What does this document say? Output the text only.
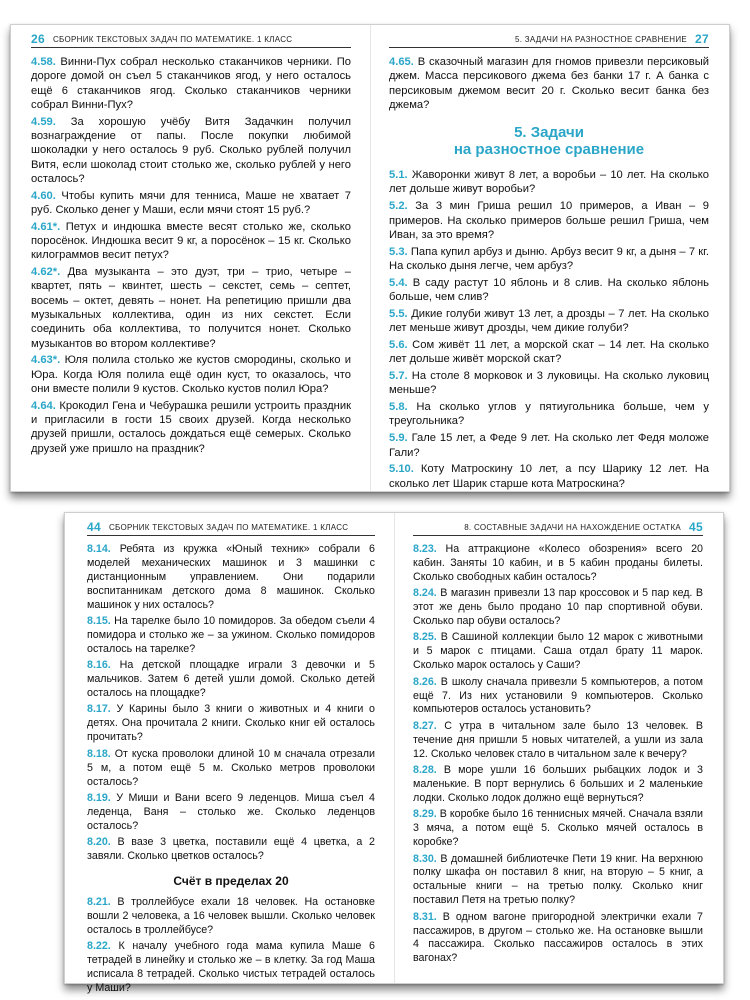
26 СБОРНИК ТЕКСТОВЫХ ЗАДАЧ ПО МАТЕМАТИКЕ. 1 КЛАСС

4.58. Винни-Пух собрал несколько стаканчиков черники. По дороге домой он съел 5 стаканчиков ягод, у него осталось ещё 6 стаканчиков ягод. Сколько стаканчиков черники собрал Винни-Пух?

4.59. За хорошую учёбу Витя Задачкин получил вознаграждение от папы. После покупки любимой шоколадки у него осталось 9 руб. Сколько рублей получил Витя, если шоколад стоит столько же, сколько рублей у него осталось?

4.60. Чтобы купить мячи для тенниса, Маше не хватает 7 руб. Сколько денег у Маши, если мячи стоят 15 руб.?

4.61*. Петух и индюшка вместе весят столько же, сколько поросёнок. Индюшка весит 9 кг, а поросёнок – 15 кг. Сколько килограммов весит петух?

4.62*. Два музыканта – это дуэт, три – трио, четыре – квартет, пять – квинтет, шесть – секстет, семь – септет, восемь – октет, девять – нонет. На репетицию пришли два музыкальных коллектива, один из них секстет. Если соединить оба коллектива, то получится нонет. Сколько музыкантов во втором коллективе?

4.63*. Юля полила столько же кустов смородины, сколько и Юра. Когда Юля полила ещё один куст, то оказалось, что они вместе полили 9 кустов. Сколько кустов полил Юра?

4.64. Крокодил Гена и Чебурашка решили устроить праздник и пригласили в гости 15 своих друзей. Когда несколько друзей пришли, осталось дождаться ещё семерых. Сколько друзей уже пришло на праздник?

5. ЗАДАЧИ НА РАЗНОСТНОЕ СРАВНЕНИЕ 27

4.65. В сказочный магазин для гномов привезли персиковый джем. Масса персикового джема без банки 17 г. А банка с персиковым джемом весит 20 г. Сколько весит банка без джема?

5. Задачи
на разностное сравнение

5.1. Жаворонки живут 8 лет, а воробьи – 10 лет. На сколько лет дольше живут воробьи?

5.2. За 3 мин Гриша решил 10 примеров, а Иван – 9 примеров. На сколько примеров больше решил Гриша, чем Иван, за это время?

5.3. Папа купил арбуз и дыню. Арбуз весит 9 кг, а дыня – 7 кг. На сколько дыня легче, чем арбуз?

5.4. В саду растут 10 яблонь и 8 слив. На сколько яблонь больше, чем слив?

5.5. Дикие голуби живут 13 лет, а дрозды – 7 лет. На сколько лет меньше живут дрозды, чем дикие голуби?

5.6. Сом живёт 11 лет, а морской скат – 14 лет. На сколько лет дольше живёт морской скат?

5.7. На столе 8 морковок и 3 луковицы. На сколько луковиц меньше?

5.8. На сколько углов у пятиугольника больше, чем у треугольника?

5.9. Гале 15 лет, а Феде 9 лет. На сколько лет Федя моложе Гали?

5.10. Коту Матроскину 10 лет, а псу Шарику 12 лет. На сколько лет Шарик старше кота Матроскина?

44 СБОРНИК ТЕКСТОВЫХ ЗАДАЧ ПО МАТЕМАТИКЕ. 1 КЛАСС

8.14. Ребята из кружка «Юный техник» собрали 6 моделей механических машинок и 3 машинки с дистанционным управлением. Они подарили воспитанникам детского дома 8 машинок. Сколько машинок у них осталось?

8.15. На тарелке было 10 помидоров. За обедом съели 4 помидора и столько же – за ужином. Сколько помидоров осталось на тарелке?

8.16. На детской площадке играли 3 девочки и 5 мальчиков. Затем 6 детей ушли домой. Сколько детей осталось на площадке?

8.17. У Карины было 3 книги о животных и 4 книги о детях. Она прочитала 2 книги. Сколько книг ей осталось прочитать?

8.18. От куска проволоки длиной 10 м сначала отрезали 5 м, а потом ещё 5 м. Сколько метров проволоки осталось?

8.19. У Миши и Вани всего 9 леденцов. Миша съел 4 леденца, Ваня – столько же. Сколько леденцов осталось?

8.20. В вазе 3 цветка, поставили ещё 4 цветка, а 2 завяли. Сколько цветков осталось?

Счёт в пределах 20

8.21. В троллейбусе ехали 18 человек. На остановке вошли 2 человека, а 16 человек вышли. Сколько человек осталось в троллейбусе?

8.22. К началу учебного года мама купила Маше 6 тетрадей в линейку и столько же – в клетку. За год Маша исписала 8 тетрадей. Сколько чистых тетрадей осталось у Маши?

8. СОСТАВНЫЕ ЗАДАЧИ НА НАХОЖДЕНИЕ ОСТАТКА 45

8.23. На аттракционе «Колесо обозрения» всего 20 кабин. Заняты 10 кабин, и в 5 кабин проданы билеты. Сколько свободных кабин осталось?

8.24. В магазин привезли 13 пар кроссовок и 5 пар кед. В этот же день было продано 10 пар спортивной обуви. Сколько пар обуви осталось?

8.25. В Сашиной коллекции было 12 марок с животными и 5 марок с птицами. Саша отдал брату 11 марок. Сколько марок осталось у Саши?

8.26. В школу сначала привезли 5 компьютеров, а потом ещё 7. Из них установили 9 компьютеров. Сколько компьютеров осталось установить?

8.27. С утра в читальном зале было 13 человек. В течение дня пришли 5 новых читателей, а ушли из зала 12. Сколько человек стало в читальном зале к вечеру?

8.28. В море ушли 16 больших рыбацких лодок и 3 маленькие. В порт вернулись 6 больших и 2 маленькие лодки. Сколько лодок должно ещё вернуться?

8.29. В коробке было 16 теннисных мячей. Сначала взяли 3 мяча, а потом ещё 5. Сколько мячей осталось в коробке?

8.30. В домашней библиотечке Пети 19 книг. На верхнюю полку шкафа он поставил 8 книг, на вторую – 5 книг, а остальные книги – на третью полку. Сколько книг поставил Петя на третью полку?

8.31. В одном вагоне пригородной электрички ехали 7 пассажиров, в другом – столько же. На остановке вышли 4 пассажира. Сколько пассажиров осталось в этих вагонах?
